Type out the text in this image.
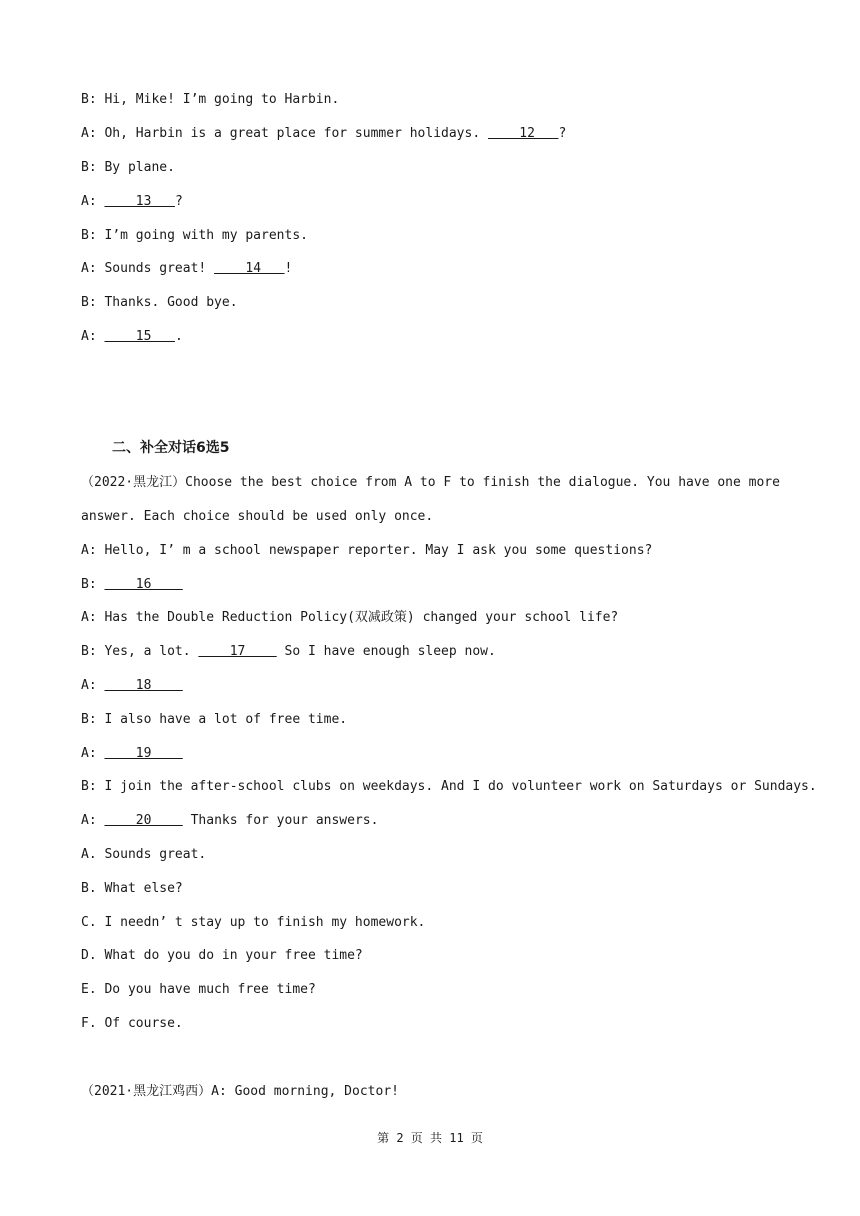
B: Hi, Mike! I’m going to Harbin.
A: Oh, Harbin is a great place for summer holidays.     12   ?
B: By plane.
A:     13   ?
B: I’m going with my parents.
A: Sounds great!     14   !
B: Thanks. Good bye.
A:     15   .
二、补全对话6选5
（2022·黑龙江）Choose the best choice from A to F to finish the dialogue. You have one more
answer. Each choice should be used only once.
A: Hello, I’ m a school newspaper reporter. May I ask you some questions?
B:     16
A: Has the Double Reduction Policy(双减政策) changed your school life?
B: Yes, a lot.     17     So I have enough sleep now.
A:     18
B: I also have a lot of free time.
A:     19
B: I join the after-school clubs on weekdays. And I do volunteer work on Saturdays or Sundays.
A:     20     Thanks for your answers.
A. Sounds great.
B. What else?
C. I needn’ t stay up to finish my homework.
D. What do you do in your free time?
E. Do you have much free time?
F. Of course.
（2021·黑龙江鸡西）A: Good morning, Doctor!
第 2 页 共 11 页
